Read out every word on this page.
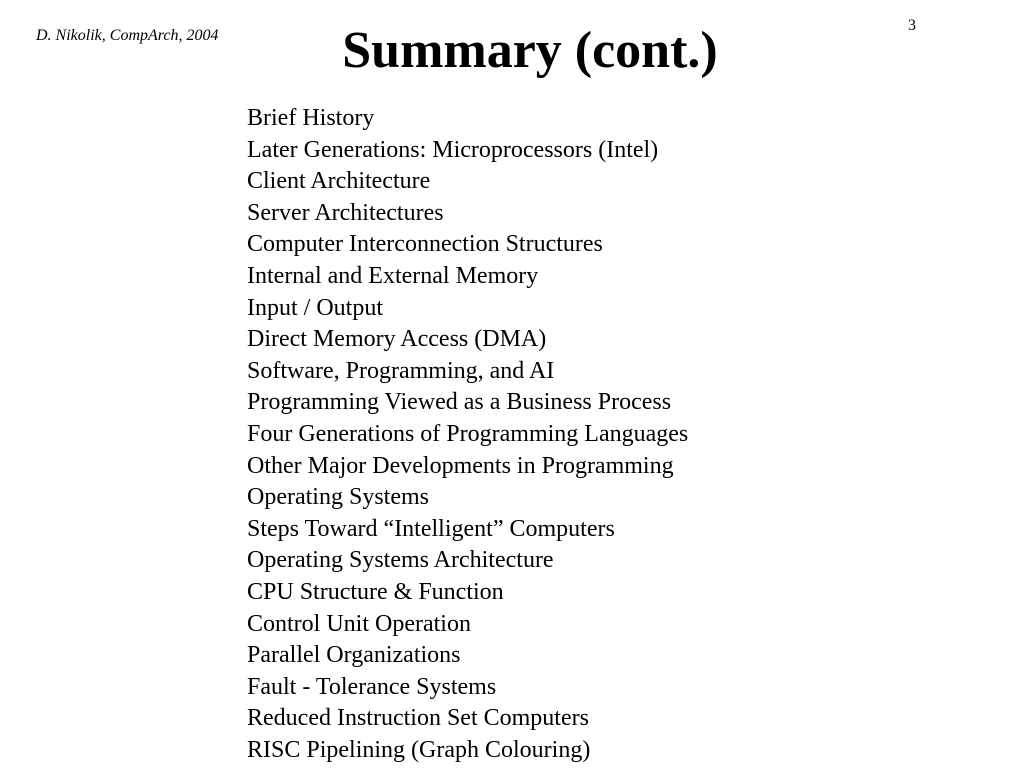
D. Nikolik, CompArch, 2004
3
Summary (cont.)
Brief History
Later Generations: Microprocessors (Intel)
Client Architecture
Server Architectures
Computer Interconnection Structures
Internal and External Memory
Input / Output
Direct Memory Access (DMA)
Software, Programming, and AI
Programming Viewed as a Business Process
Four Generations of Programming Languages
Other Major Developments in Programming
Operating Systems
Steps Toward “Intelligent” Computers
Operating Systems Architecture
CPU Structure & Function
Control Unit Operation
Parallel Organizations
Fault - Tolerance Systems
Reduced Instruction Set Computers
RISC Pipelining (Graph Colouring)
